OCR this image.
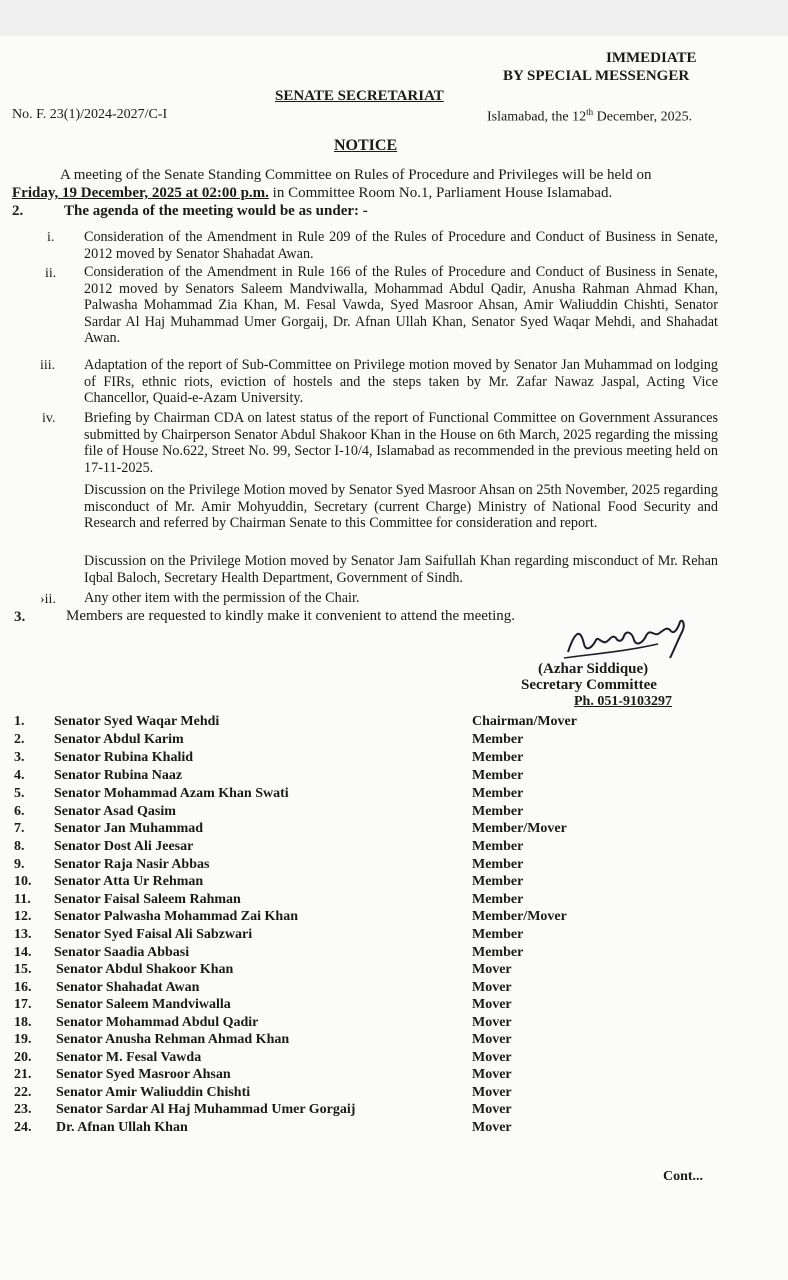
IMMEDIATE
BY SPECIAL MESSENGER
SENATE SECRETARIAT
No. F. 23(1)/2024-2027/C-I	Islamabad, the 12th December, 2025.
NOTICE
A meeting of the Senate Standing Committee on Rules of Procedure and Privileges will be held on
Friday, 19 December, 2025 at 02:00 p.m. in Committee Room No.1, Parliament House Islamabad.
2.	The agenda of the meeting would be as under: -
i. Consideration of the Amendment in Rule 209 of the Rules of Procedure and Conduct of Business in Senate, 2012 moved by Senator Shahadat Awan.
ii. Consideration of the Amendment in Rule 166 of the Rules of Procedure and Conduct of Business in Senate, 2012 moved by Senators Saleem Mandviwalla, Mohammad Abdul Qadir, Anusha Rahman Ahmad Khan, Palwasha Mohammad Zia Khan, M. Fesal Vawda, Syed Masroor Ahsan, Amir Waliuddin Chishti, Senator Sardar Al Haj Muhammad Umer Gorgaij, Dr. Afnan Ullah Khan, Senator Syed Waqar Mehdi, and Shahadat Awan.
iii. Adaptation of the report of Sub-Committee on Privilege motion moved by Senator Jan Muhammad on lodging of FIRs, ethnic riots, eviction of hostels and the steps taken by Mr. Zafar Nawaz Jaspal, Acting Vice Chancellor, Quaid-e-Azam University.
iv. Briefing by Chairman CDA on latest status of the report of Functional Committee on Government Assurances submitted by Chairperson Senator Abdul Shakoor Khan in the House on 6th March, 2025 regarding the missing file of House No.622, Street No. 99, Sector I-10/4, Islamabad as recommended in the previous meeting held on 17-11-2025.
Discussion on the Privilege Motion moved by Senator Syed Masroor Ahsan on 25th November, 2025 regarding misconduct of Mr. Amir Mohyuddin, Secretary (current Charge) Ministry of National Food Security and Research and referred by Chairman Senate to this Committee for consideration and report.
Discussion on the Privilege Motion moved by Senator Jam Saifullah Khan regarding misconduct of Mr. Rehan Iqbal Baloch, Secretary Health Department, Government of Sindh.
›ii. Any other item with the permission of the Chair.
3.	Members are requested to kindly make it convenient to attend the meeting.
(Azhar Siddique)
Secretary Committee
Ph. 051-9103297
1. Senator Syed Waqar Mehdi	Chairman/Mover
2. Senator Abdul Karim	Member
3. Senator Rubina Khalid	Member
4. Senator Rubina Naaz	Member
5. Senator Mohammad Azam Khan Swati	Member
6. Senator Asad Qasim	Member
7. Senator Jan Muhammad	Member/Mover
8. Senator Dost Ali Jeesar	Member
9. Senator Raja Nasir Abbas	Member
10. Senator Atta Ur Rehman	Member
11. Senator Faisal Saleem Rahman	Member
12. Senator Palwasha Mohammad Zai Khan	Member/Mover
13. Senator Syed Faisal Ali Sabzwari	Member
14. Senator Saadia Abbasi	Member
15. Senator Abdul Shakoor Khan	Mover
16. Senator Shahadat Awan	Mover
17. Senator Saleem Mandviwalla	Mover
18. Senator Mohammad Abdul Qadir	Mover
19. Senator Anusha Rehman Ahmad Khan	Mover
20. Senator M. Fesal Vawda	Mover
21. Senator Syed Masroor Ahsan	Mover
22. Senator Amir Waliuddin Chishti	Mover
23. Senator Sardar Al Haj Muhammad Umer Gorgaij	Mover
24. Dr. Afnan Ullah Khan	Mover
Cont...
